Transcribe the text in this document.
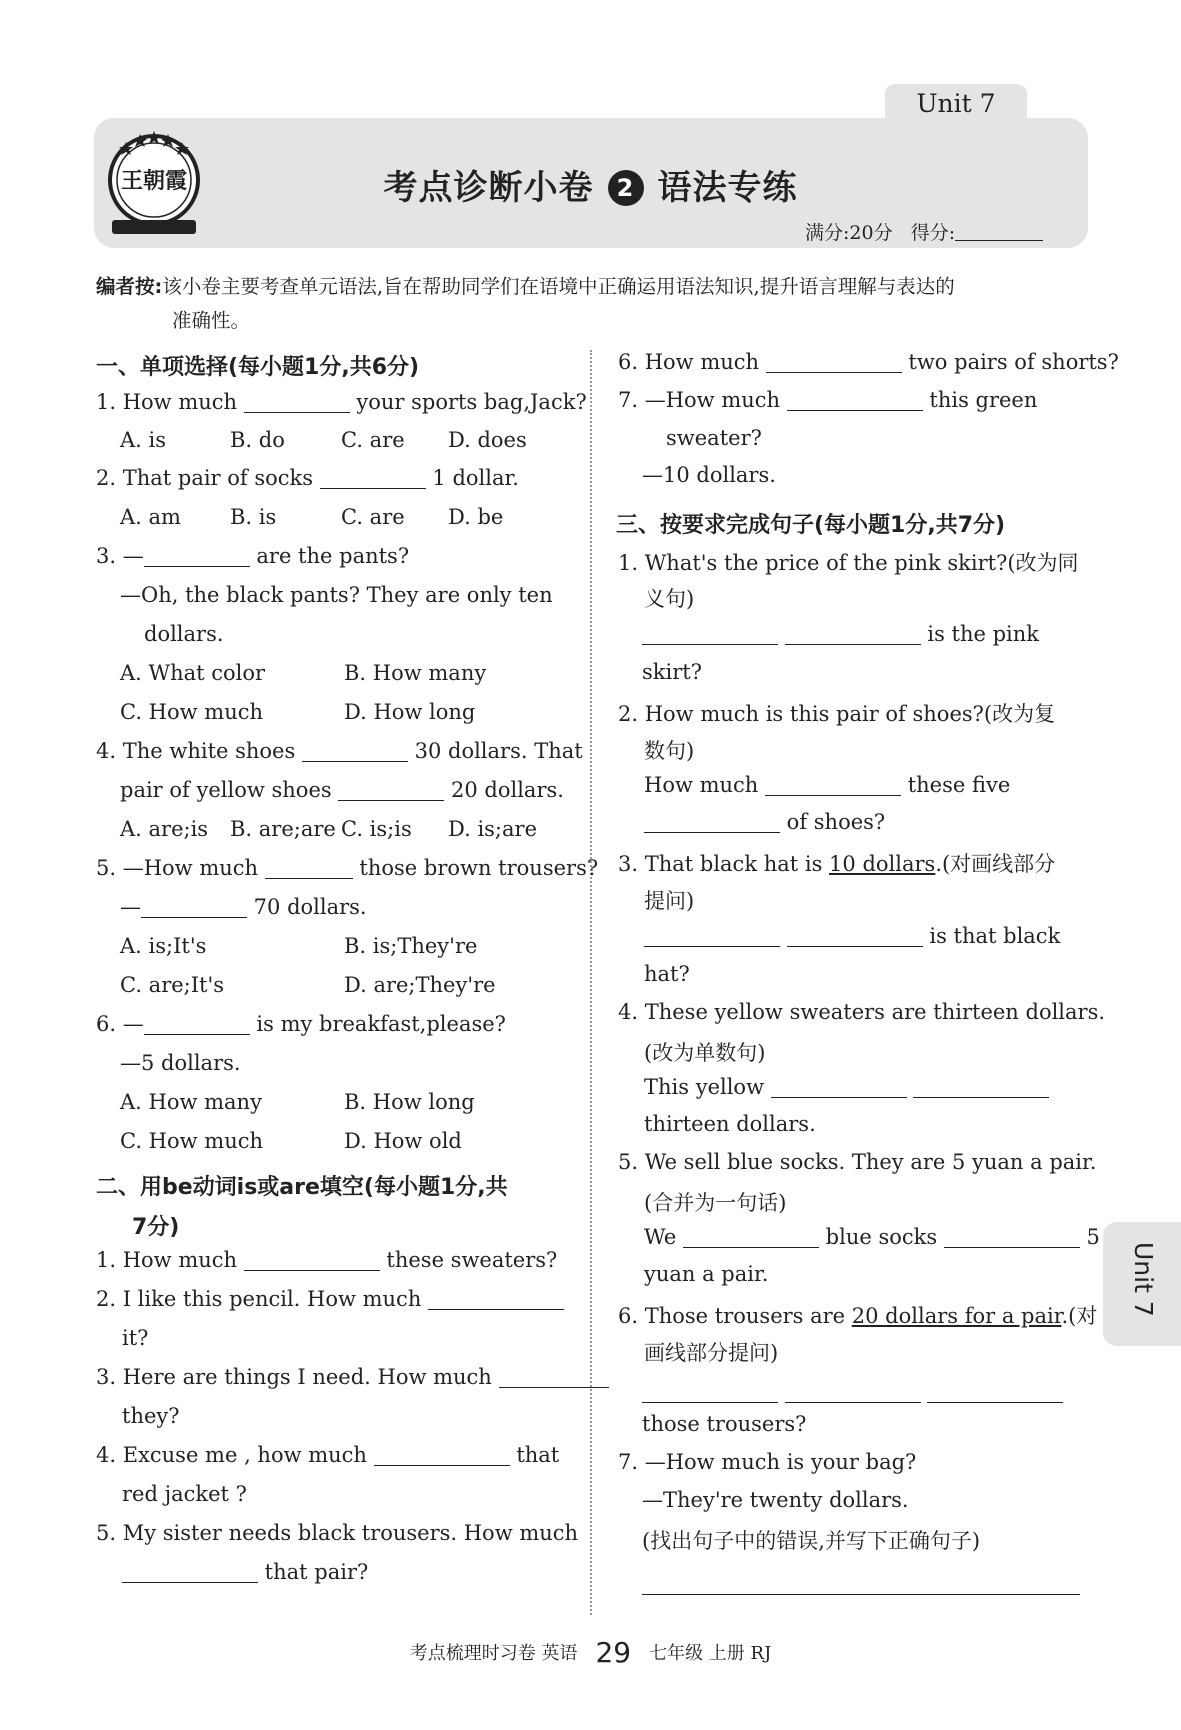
Unit 7
王朝霞	考点诊断小卷 2 语法专练
满分:20分 得分:
编者按:该小卷主要考查单元语法,旨在帮助同学们在语境中正确运用语法知识,提升语言理解与表达的
准确性。
一、单项选择(每小题1分,共6分)
1. How much	your sports bag,Jack?
A. is	B. do	C. are D. does
2. That pair of socks	1 dollar.
A. am B. is	C. are D. be
3. —	are the pants?
—Oh, the black pants? They are only ten
dollars.
A. What color	B. How many
C. How much	D. How long
4. The white shoes	30 dollars. That
pair of yellow shoes	20 dollars.
A. are;is B. are;are C. is;is D. is;are
5. —How much	those brown trousers?
—	70 dollars.
A. is;It's	B. is;They're
C. are;It's	D. are;They're
6. —	is my breakfast,please?
—5 dollars.
A. How many	B. How long
C. How much	D. How old
二、用be动词is或are填空(每小题1分,共
7分)
1. How much	these sweaters?
2. I like this pencil. How much
it?
3. Here are things I need. How much
they?
4. Excuse me , how much	that
red jacket ?
5. My sister needs black trousers. How much
that pair?
6. How much	two pairs of shorts?
7. —How much	this green
sweater?
—10 dollars.
三、按要求完成句子(每小题1分,共7分)
1. What's the price of the pink skirt?(改为同
义句)
is the pink
skirt?
2. How much is this pair of shoes?(改为复
数句)
How much	these five
of shoes?
3. That black hat is 10 dollars.(对画线部分
提问)
is that black
hat?
4. These yellow sweaters are thirteen dollars.
(改为单数句)
This yellow
thirteen dollars.
5. We sell blue socks. They are 5 yuan a pair.
(合并为一句话)
We	blue socks	5
yuan a pair.
6. Those trousers are 20 dollars for a pair.(对
画线部分提问)

those trousers?
7. —How much is your bag?
—They're twenty dollars.
(找出句子中的错误,并写下正确句子)
Unit 7
考点梳理时习卷 英语 29 七年级 上册 RJ
